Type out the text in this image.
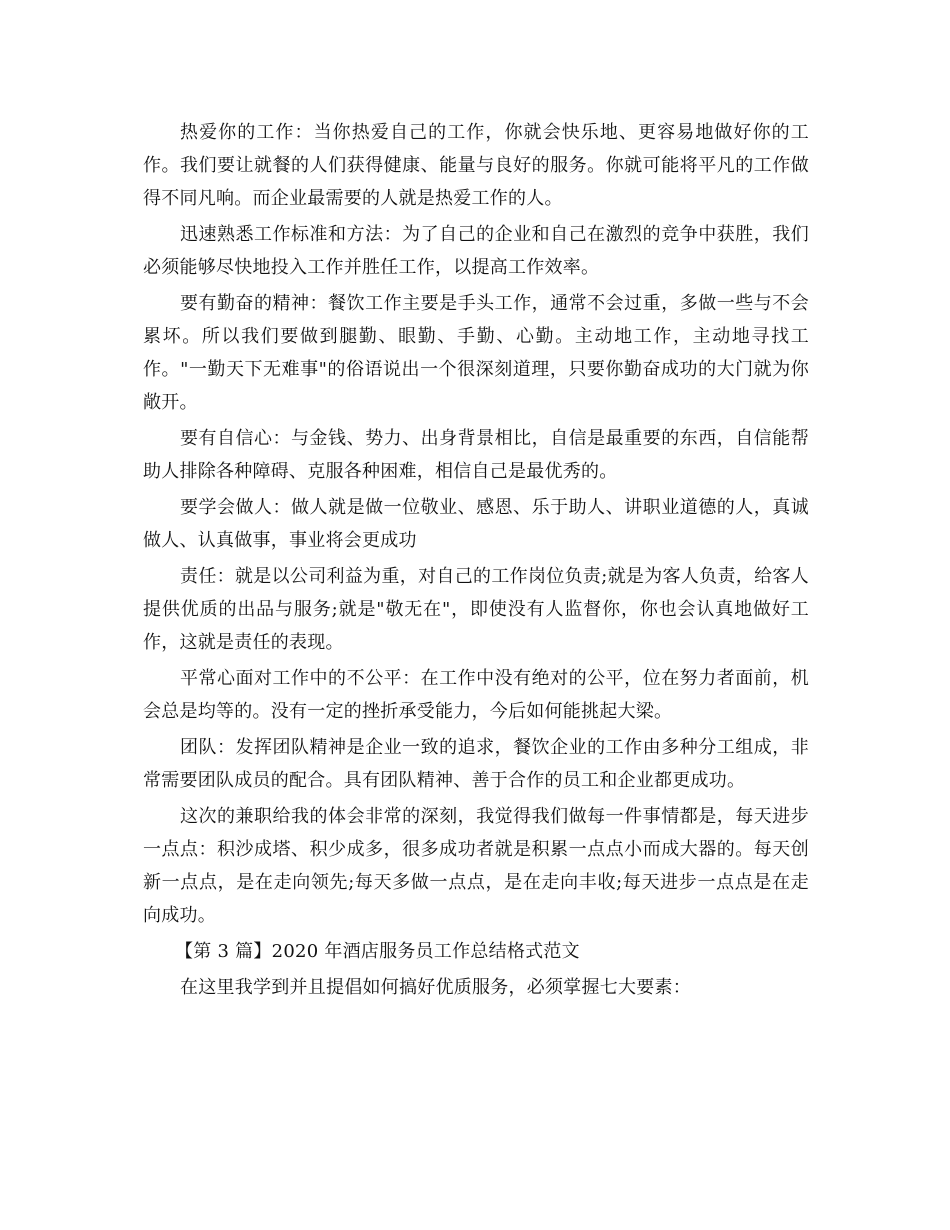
热爱你的工作：当你热爱自己的工作，你就会快乐地、更容易地做好你的工作。我们要让就餐的人们获得健康、能量与良好的服务。你就可能将平凡的工作做得不同凡响。而企业最需要的人就是热爱工作的人。

迅速熟悉工作标准和方法：为了自己的企业和自己在激烈的竞争中获胜，我们必须能够尽快地投入工作并胜任工作，以提高工作效率。

要有勤奋的精神：餐饮工作主要是手头工作，通常不会过重，多做一些与不会累坏。所以我们要做到腿勤、眼勤、手勤、心勤。主动地工作，主动地寻找工作。"一勤天下无难事"的俗语说出一个很深刻道理，只要你勤奋成功的大门就为你敞开。

要有自信心：与金钱、势力、出身背景相比，自信是最重要的东西，自信能帮助人排除各种障碍、克服各种困难，相信自己是最优秀的。

要学会做人：做人就是做一位敬业、感恩、乐于助人、讲职业道德的人，真诚做人、认真做事，事业将会更成功

责任：就是以公司利益为重，对自己的工作岗位负责;就是为客人负责，给客人提供优质的出品与服务;就是"敬无在"，即使没有人监督你，你也会认真地做好工作，这就是责任的表现。

平常心面对工作中的不公平：在工作中没有绝对的公平，位在努力者面前，机会总是均等的。没有一定的挫折承受能力，今后如何能挑起大梁。

团队：发挥团队精神是企业一致的追求，餐饮企业的工作由多种分工组成，非常需要团队成员的配合。具有团队精神、善于合作的员工和企业都更成功。

这次的兼职给我的体会非常的深刻，我觉得我们做每一件事情都是，每天进步一点点：积沙成塔、积少成多，很多成功者就是积累一点点小而成大器的。每天创新一点点，是在走向领先;每天多做一点点，是在走向丰收;每天进步一点点是在走向成功。

【第 3 篇】2020 年酒店服务员工作总结格式范文

在这里我学到并且提倡如何搞好优质服务，必须掌握七大要素：
